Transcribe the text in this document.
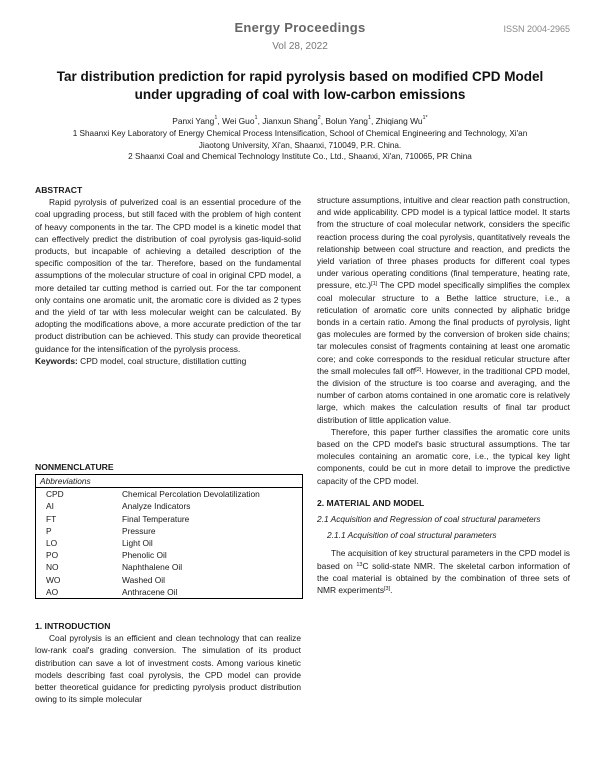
Energy Proceedings
Vol 28, 2022
ISSN 2004-2965
Tar distribution prediction for rapid pyrolysis based on modified CPD Model
under upgrading of coal with low-carbon emissions
Panxi Yang$^1$, Wei Guo$^1$, Jianxun Shang$^2$, Bolun Yang$^1$, Zhiqiang $Wu^{1*}$
1 Shaanxi Key Laboratory of Energy Chemical Process Intensification, School of Chemical Engineering and Technology, Xi'an
Jiaotong University, Xi'an, Shaanxi, 710049, P.R. China.
2 Shaanxi Coal and Chemical Technology Institute Co., Ltd., Shaanxi, Xi'an, 710065, PR China
ABSTRACT
Rapid pyrolysis of pulverized coal is an essential procedure of the coal upgrading process, but still faced with the problem of high content of heavy components in the tar. The CPD model is a kinetic model that can effectively predict the distribution of coal pyrolysis gas-liquid-solid products, but incapable of achieving a detailed description of the specific composition of the tar. Therefore, based on the fundamental assumptions of the molecular structure of coal in original CPD model, a more detailed tar cutting method is carried out. For the tar component only contains one aromatic unit, the aromatic core is divided as 2 types and the yield of tar with less molecular weight can be calculated. By adopting the modifications above, a more accurate prediction of the tar product distribution can be achieved. This study can provide theoretical guidance for the intensification of the pyrolysis process.
Keywords: CPD model, coal structure, distillation cutting
NONMENCLATURE
Abbreviations
CPD	Chemical Percolation Devolatilization
AI	Analyze Indicators
FT	Final Temperature
P	Pressure
LO	Light Oil
PO	Phenolic Oil
NO	Naphthalene Oil
WO	Washed Oil
AO	Anthracene Oil
1. INTRODUCTION
Coal pyrolysis is an efficient and clean technology that can realize low-rank coal's grading conversion. The simulation of its product distribution can save a lot of investment costs. Among various kinetic models describing fast coal pyrolysis, the CPD model can provide better theoretical guidance for predicting pyrolysis product distribution owing to its simple molecular
structure assumptions, intuitive and clear reaction path construction, and wide applicability. CPD model is a typical lattice model. It starts from the structure of coal molecular network, considers the specific reaction process during the coal pyrolysis, quantitatively reveals the relationship between coal structure and reaction, and predicts the yield variation of three phases products for different coal types under various operating conditions (final temperature, heating rate, pressure, etc.)[1] The CPD model specifically simplifies the complex coal molecular structure to a Bethe lattice structure, i.e., a reticulation of aromatic core units connected by aliphatic bridge bonds in a certain ratio. Among the final products of pyrolysis, light gas molecules are formed by the conversion of broken side chains; tar molecules consist of fragments containing at least one aromatic core; and coke corresponds to the residual reticular structure after the small molecules fall off[2]. However, in the traditional CPD model, the division of the structure is too coarse and averaging, and the number of carbon atoms contained in one aromatic core is relatively large, which makes the calculation results of final tar product distribution of little application value.
Therefore, this paper further classifies the aromatic core units based on the CPD model's basic structural assumptions. The tar molecules containing an aromatic core, i.e., the typical key light components, could be cut in more detail to improve the predictive capacity of the CPD model.
2. MATERIAL AND MODEL
2.1 Acquisition and Regression of coal structural parameters
2.1.1 Acquisition of coal structural parameters
The acquisition of key structural parameters in the CPD model is based on $^{13}$C solid-state NMR. The skeletal carbon information of the coal material is obtained by the combination of three sets of NMR experiments[3].
